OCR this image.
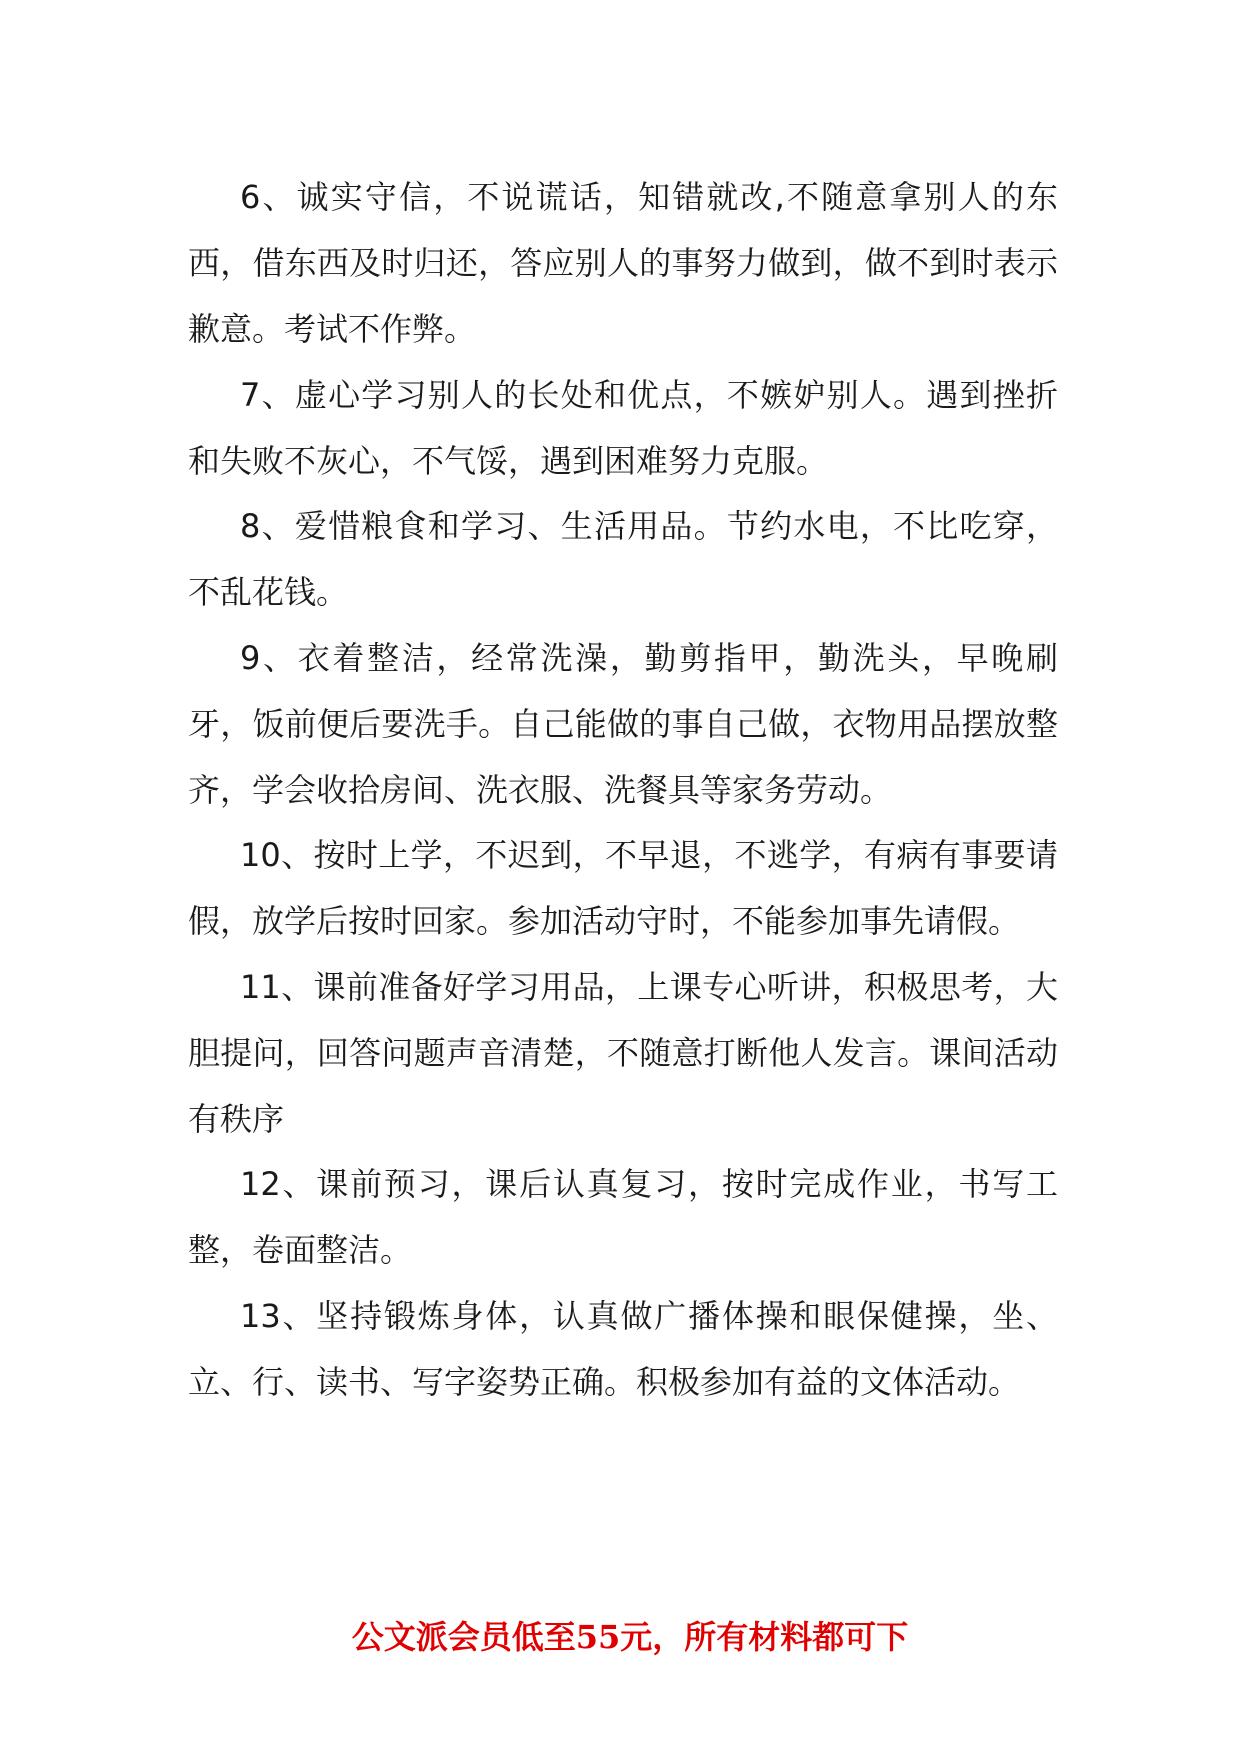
6、诚实守信，不说谎话，知错就改,不随意拿别人的东西，借东西及时归还，答应别人的事努力做到，做不到时表示歉意。考试不作弊。

7、虚心学习别人的长处和优点，不嫉妒别人。遇到挫折和失败不灰心，不气馁，遇到困难努力克服。

8、爱惜粮食和学习、生活用品。节约水电，不比吃穿，不乱花钱。

9、衣着整洁，经常洗澡，勤剪指甲，勤洗头，早晚刷牙，饭前便后要洗手。自己能做的事自己做，衣物用品摆放整齐，学会收拾房间、洗衣服、洗餐具等家务劳动。

10、按时上学，不迟到，不早退，不逃学，有病有事要请假，放学后按时回家。参加活动守时，不能参加事先请假。

11、课前准备好学习用品，上课专心听讲，积极思考，大胆提问，回答问题声音清楚，不随意打断他人发言。课间活动有秩序

12、课前预习，课后认真复习，按时完成作业，书写工整，卷面整洁。

13、坚持锻炼身体，认真做广播体操和眼保健操，坐、立、行、读书、写字姿势正确。积极参加有益的文体活动。

公文派会员低至55元，所有材料都可下
